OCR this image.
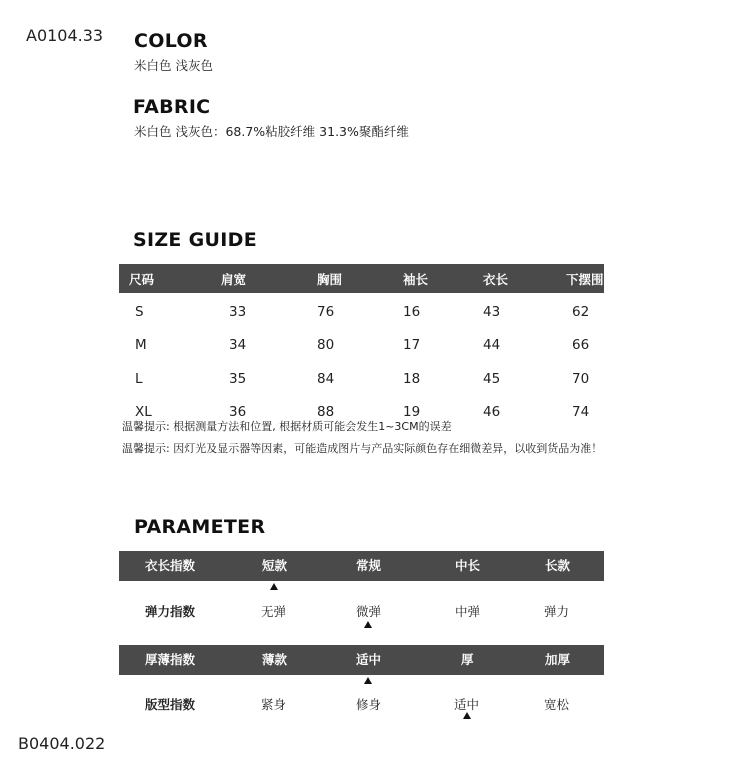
A0104.33 COLOR
米白色 浅灰色
FABRIC
米白色 浅灰色：68.7%粘胶纤维 31.3%聚酯纤维
SIZE GUIDE
尺码	肩宽	胸围	袖长	衣长	下摆围
S	33	76	16	43	62
M	34	80	17	44	66
L	35	84	18	45	70
XL	36	88	19	46	74
温馨提示: 根据测量方法和位置, 根据材质可能会发生1~3CM的误差
温馨提示: 因灯光及显示器等因素，可能造成图片与产品实际颜色存在细微差异，以收到货品为准！
PARAMETER
衣长指数	短款	常规	中长	长款
弹力指数	无弹	微弹	中弹	弹力
厚薄指数	薄款	适中	厚	加厚
版型指数	紧身	修身	适中	宽松
B0404.022
